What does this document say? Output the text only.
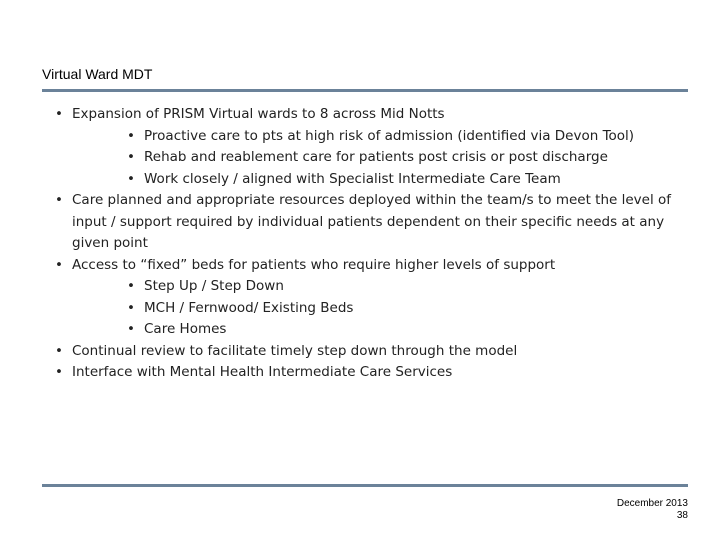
Virtual Ward MDT
• Expansion of PRISM Virtual wards to 8 across Mid Notts
• Proactive care to pts at high risk of admission (identified via Devon Tool)
• Rehab and reablement care for patients post crisis or post discharge
• Work closely / aligned with Specialist Intermediate Care Team
• Care planned and appropriate resources deployed within the team/s to meet the level of input / support required by individual patients dependent on their specific needs at any given point
• Access to “fixed” beds for patients who require higher levels of support
• Step Up / Step Down
• MCH / Fernwood/ Existing Beds
• Care Homes
• Continual review to facilitate timely step down through the model
• Interface with Mental Health Intermediate Care Services
December 2013
38
